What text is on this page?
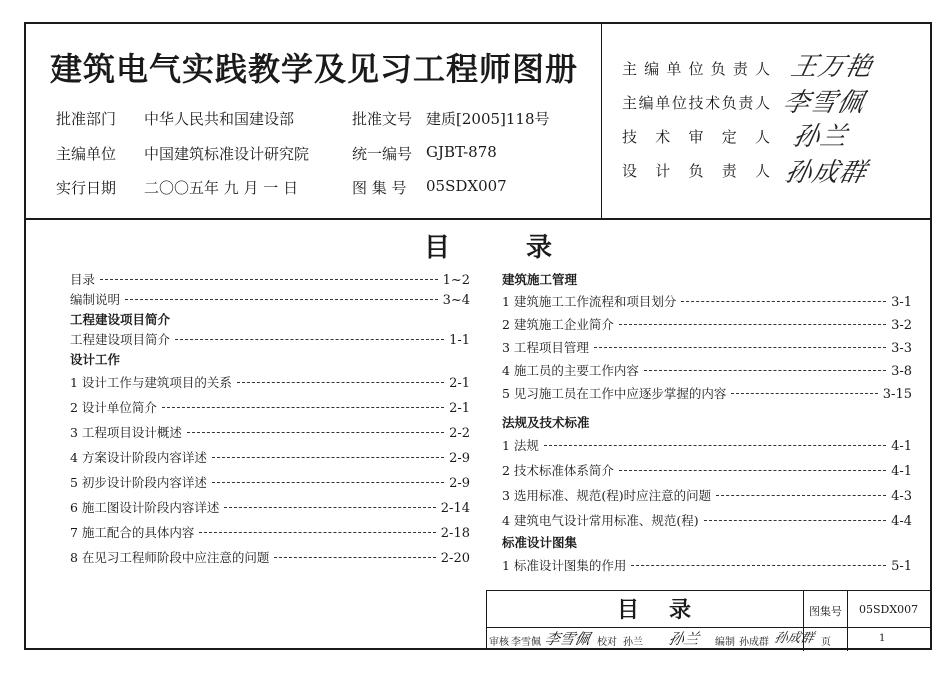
建筑电气实践教学及见习工程师图册
批准部门 中华人民共和国建设部	批准文号 建质[2005]118号
主编单位 中国建筑标准设计研究院	统一编号 GJBT-878
实行日期 二〇〇五年 九 月 一 日	图 集 号 05SDX007
主编单位负责人 王万艳
主编单位技术负责人 李雪佩
技术审定人 孙兰
设计负责人 孙成群
目	录
目录	1~2
编制说明	3~4
工程建设项目简介
工程建设项目简介	1-1
设计工作
1 设计工作与建筑项目的关系	2-1
2 设计单位简介	2-1
3 工程项目设计概述	2-2
4 方案设计阶段内容详述	2-9
5 初步设计阶段内容详述	2-9
6 施工图设计阶段内容详述	2-14
7 施工配合的具体内容	2-18
8 在见习工程师阶段中应注意的问题	2-20
建筑施工管理
1 建筑施工工作流程和项目划分	3-1
2 建筑施工企业简介	3-2
3 工程项目管理	3-3
4 施工员的主要工作内容	3-8
5 见习施工员在工作中应逐步掌握的内容	3-15
法规及技术标准
1 法规	4-1
2 技术标准体系简介	4-1
3 选用标准、规范(程)时应注意的问题	4-3
4 建筑电气设计常用标准、规范(程)	4-4
标准设计图集
1 标准设计图集的作用	5-1
目录	图集号 05SDX007
审核 李雪佩 李雪佩 校对 孙兰 孙兰 编制 孙成群 孙成群 页	1
